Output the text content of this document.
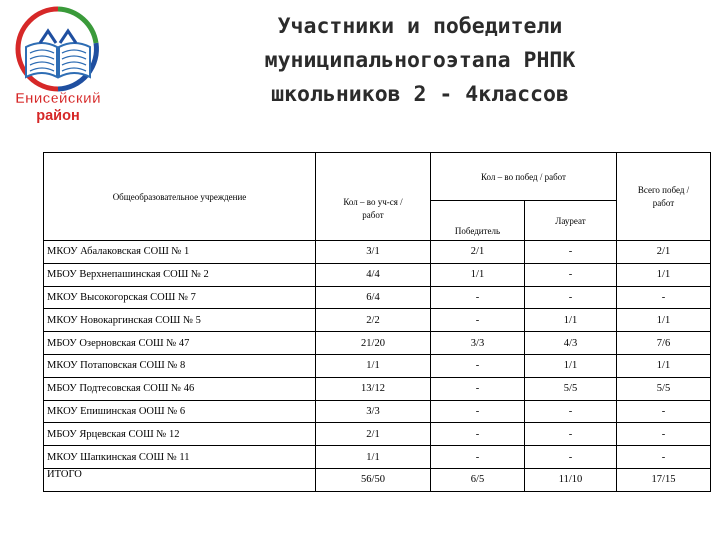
Енисейский
район
Участники и победители
муниципальногоэтапа РНПК
школьников 2 - 4классов
Общеобразовательное учреждение	Кол – во уч-ся / работ	Кол – во побед / работ		Всего побед / работ

		Победитель	Лауреат	
МКОУ Абалаковская СОШ № 1	3/1	2/1	-	2/1
МБОУ Верхнепашинская СОШ № 2	4/4	1/1	-	1/1
МКОУ Высокогорская СОШ № 7	6/4	-	-	-
МКОУ Новокаргинская СОШ № 5	2/2	-	1/1	1/1
МБОУ Озерновская СОШ № 47	21/20	3/3	4/3	7/6
МКОУ Потаповская СОШ № 8	1/1	-	1/1	1/1
МБОУ Подтесовская СОШ № 46	13/12	-	5/5	5/5
МКОУ Епишинская ООШ № 6	3/3	-	-	-
МБОУ Ярцевская СОШ № 12	2/1	-	-	-
МКОУ Шапкинская СОШ № 11	1/1	-	-	-
ИТОГО	56/50	6/5	11/10	17/15
